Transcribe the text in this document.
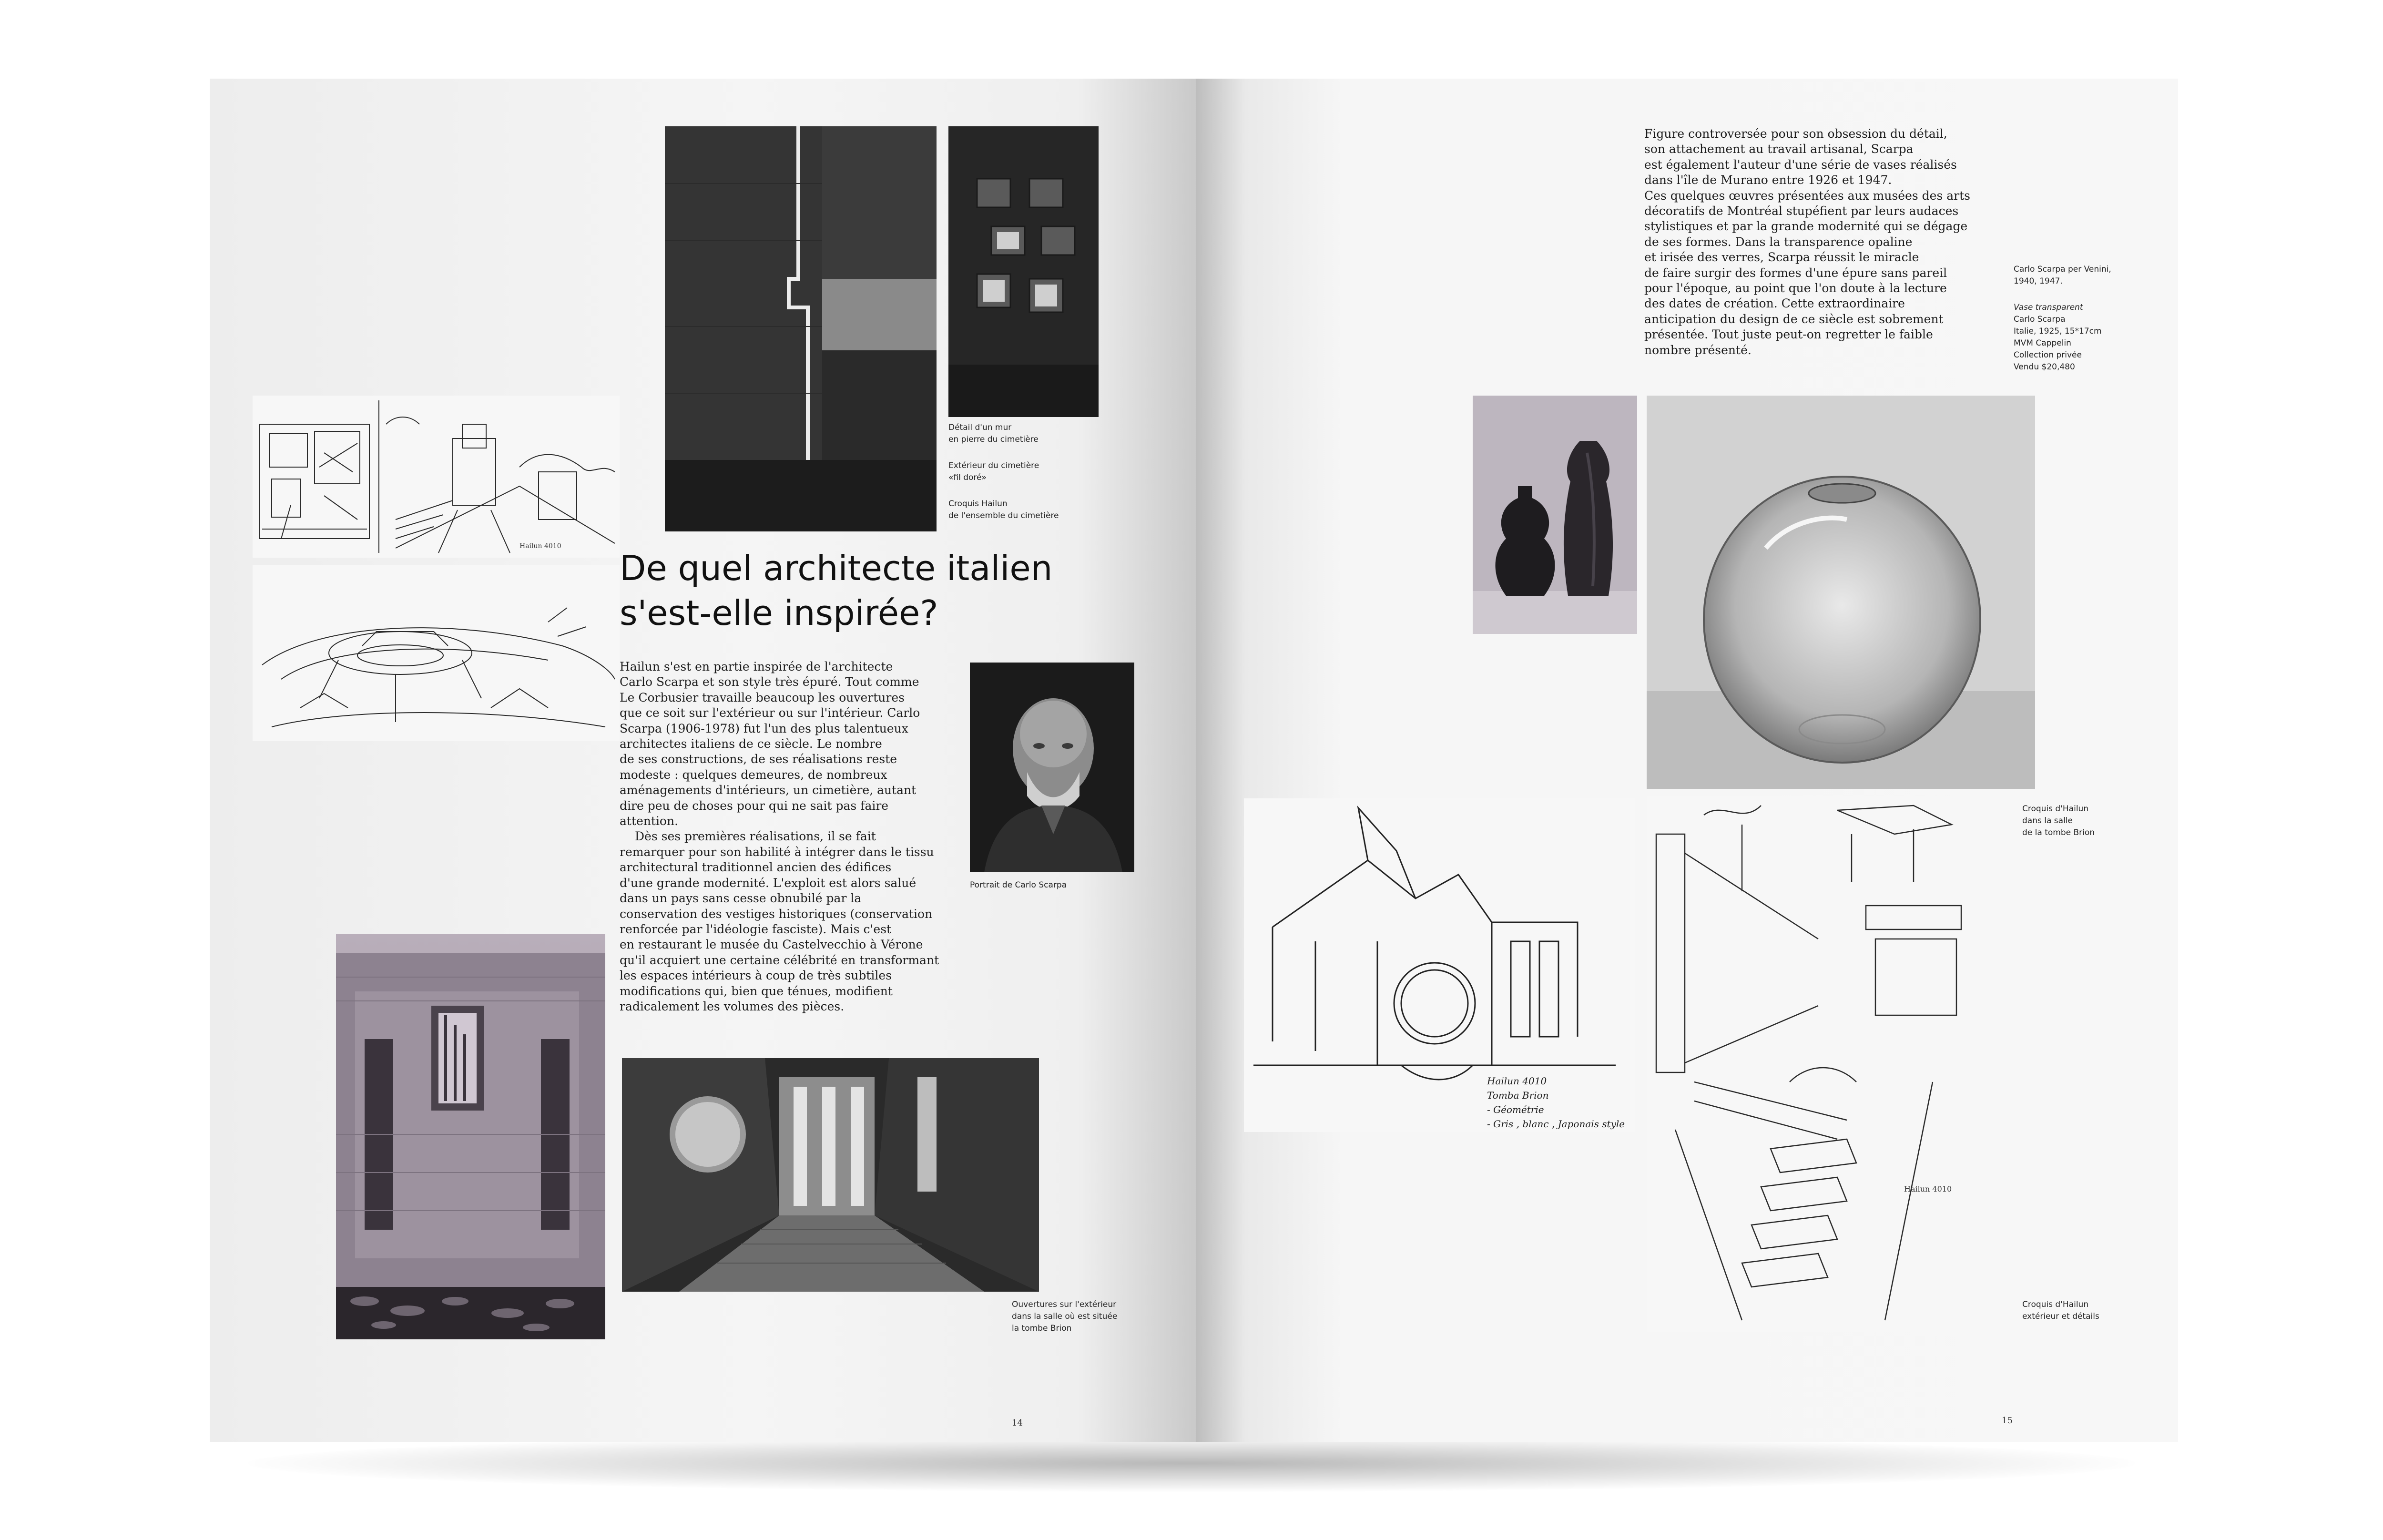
Hailun 4010
Détail d'un mur
en pierre du cimetière
Extérieur du cimetière
«fil doré»
Croquis Hailun
de l'ensemble du cimetière
De quel architecte italien
s'est-elle inspirée?
Hailun s'est en partie inspirée de l'architecte
Carlo Scarpa et son style très épuré. Tout comme
Le Corbusier travaille beaucoup les ouvertures
que ce soit sur l'extérieur ou sur l'intérieur. Carlo
Scarpa (1906-1978) fut l'un des plus talentueux
architectes italiens de ce siècle. Le nombre
de ses constructions, de ses réalisations reste
modeste : quelques demeures, de nombreux
aménagements d'intérieurs, un cimetière, autant
dire peu de choses pour qui ne sait pas faire
attention.
Dès ses premières réalisations, il se fait
remarquer pour son habilité à intégrer dans le tissu
architectural traditionnel ancien des édifices
d'une grande modernité. L'exploit est alors salué
dans un pays sans cesse obnubilé par la
conservation des vestiges historiques (conservation
renforcée par l'idéologie fasciste). Mais c'est
en restaurant le musée du Castelvecchio à Vérone
qu'il acquiert une certaine célébrité en transformant
les espaces intérieurs à coup de très subtiles
modifications qui, bien que ténues, modifient
radicalement les volumes des pièces.
Portrait de Carlo Scarpa
Ouvertures sur l'extérieur
dans la salle où est située
la tombe Brion
14
Figure controversée pour son obsession du détail,
son attachement au travail artisanal, Scarpa
est également l'auteur d'une série de vases réalisés
dans l'île de Murano entre 1926 et 1947.
Ces quelques œuvres présentées aux musées des arts
décoratifs de Montréal stupéfient par leurs audaces
stylistiques et par la grande modernité qui se dégage
de ses formes. Dans la transparence opaline
et irisée des verres, Scarpa réussit le miracle
de faire surgir des formes d'une épure sans pareil
pour l'époque, au point que l'on doute à la lecture
des dates de création. Cette extraordinaire
anticipation du design de ce siècle est sobrement
présentée. Tout juste peut-on regretter le faible
nombre présenté.
Carlo Scarpa per Venini,
1940, 1947.
Vase transparent
Carlo Scarpa
Italie, 1925, 15*17cm
MVM Cappelin
Collection privée
Vendu $20,480
Croquis d'Hailun
dans la salle
de la tombe Brion
Hailun 4010
Tomba Brion
- Géométrie
- Gris , blanc , Japonais style
Hailun 4010
Croquis d'Hailun
extérieur et détails
15
